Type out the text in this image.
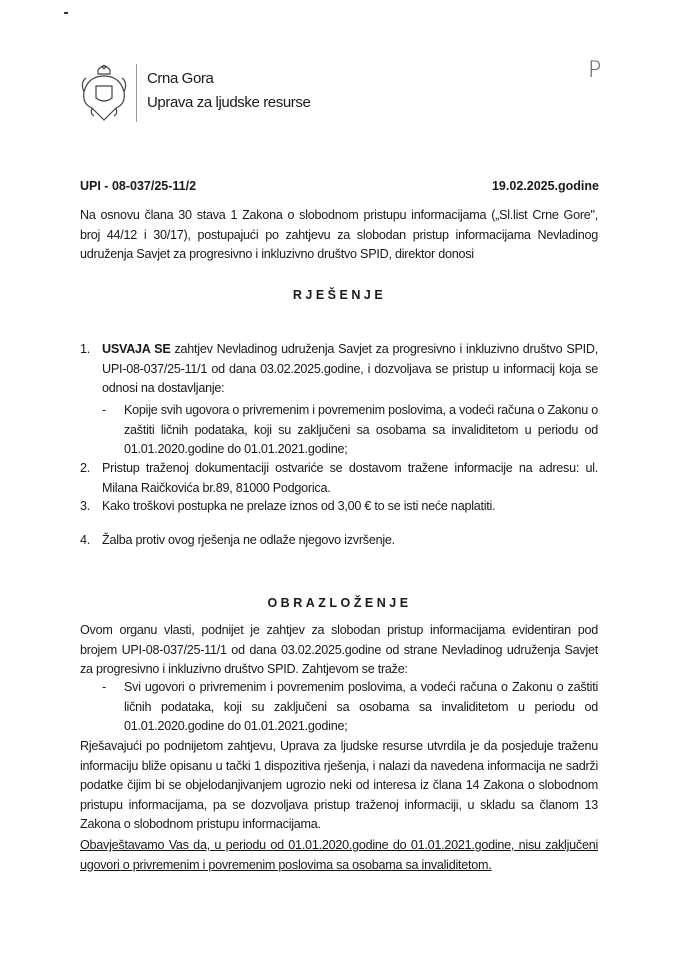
Crna Gora
Uprava za ljudske resurse
P
UPI - 08-037/25-11/2	19.02.2025.godine
Na osnovu člana 30 stava 1 Zakona o slobodnom pristupu informacijama („Sl.list Crne Gore", broj 44/12 i 30/17), postupajući po zahtjevu za slobodan pristup informacijama Nevladinog udruženja Savjet za progresivno i inkluzivno društvo SPID, direktor donosi
RJEŠENJE
1. USVAJA SE zahtjev Nevladinog udruženja Savjet za progresivno i inkluzivno društvo SPID, UPI-08-037/25-11/1 od dana 03.02.2025.godine, i dozvoljava se pristup u informacij koja se odnosi na dostavljanje:
- Kopije svih ugovora o privremenim i povremenim poslovima, a vodeći računa o Zakonu o zaštiti ličnih podataka, koji su zaključeni sa osobama sa invaliditetom u periodu od 01.01.2020.godine do 01.01.2021.godine;
2. Pristup traženoj dokumentaciji ostvariće se dostavom tražene informacije na adresu: ul. Milana Raičkovića br.89, 81000 Podgorica.
3. Kako troškovi postupka ne prelaze iznos od 3,00 € to se isti neće naplatiti.
4. Žalba protiv ovog rješenja ne odlaže njegovo izvršenje.
OBRAZLOŽENJE
Ovom organu vlasti, podnijet je zahtjev za slobodan pristup informacijama evidentiran pod brojem UPI-08-037/25-11/1 od dana 03.02.2025.godine od strane Nevladinog udruženja Savjet za progresivno i inkluzivno društvo SPID. Zahtjevom se traže:
- Svi ugovori o privremenim i povremenim poslovima, a vodeći računa o Zakonu o zaštiti ličnih podataka, koji su zaključeni sa osobama sa invaliditetom u periodu od 01.01.2020.godine do 01.01.2021.godine;
Rješavajući po podnijetom zahtjevu, Uprava za ljudske resurse utvrdila je da posjeduje traženu informaciju bliže opisanu u tački 1 dispozitiva rješenja, i nalazi da navedena informacija ne sadrži podatke čijim bi se objelodanjivanjem ugrozio neki od interesa iz člana 14 Zakona o slobodnom pristupu informacijama, pa se dozvoljava pristup traženoj informaciji, u skladu sa članom 13 Zakona o slobodnom pristupu informacijama.
Obavještavamo Vas da, u periodu od 01.01.2020.godine do 01.01.2021.godine, nisu zaključeni ugovori o privremenim i povremenim poslovima sa osobama sa invaliditetom.
